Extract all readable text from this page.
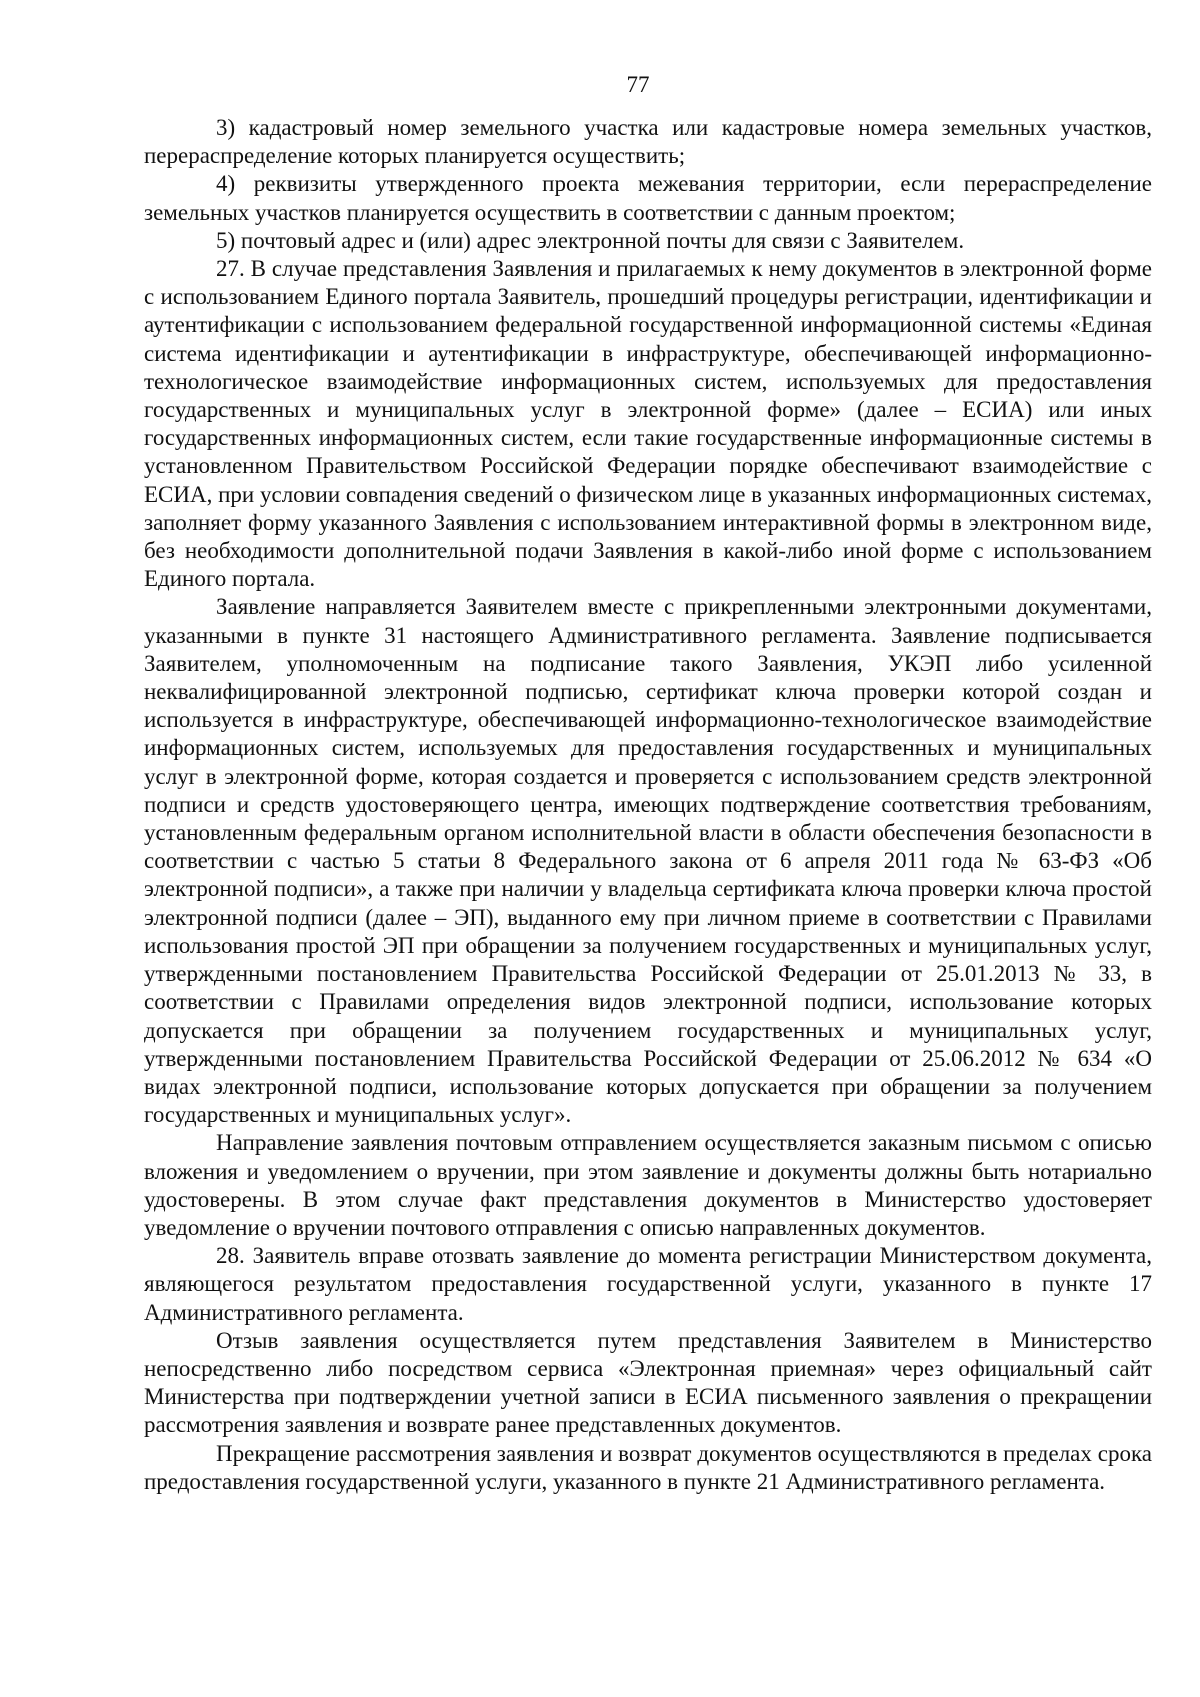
77

3) кадастровый номер земельного участка или кадастровые номера земельных участков, перераспределение которых планируется осуществить;

4) реквизиты утвержденного проекта межевания территории, если перераспределение земельных участков планируется осуществить в соответствии с данным проектом;

5) почтовый адрес и (или) адрес электронной почты для связи с Заявителем.

27. В случае представления Заявления и прилагаемых к нему документов в электронной форме с использованием Единого портала Заявитель, прошедший процедуры регистрации, идентификации и аутентификации с использованием федеральной государственной информационной системы «Единая система идентификации и аутентификации в инфраструктуре, обеспечивающей информационно-технологическое взаимодействие информационных систем, используемых для предоставления государственных и муниципальных услуг в электронной форме» (далее – ЕСИА) или иных государственных информационных систем, если такие государственные информационные системы в установленном Правительством Российской Федерации порядке обеспечивают взаимодействие с ЕСИА, при условии совпадения сведений о физическом лице в указанных информационных системах, заполняет форму указанного Заявления с использованием интерактивной формы в электронном виде, без необходимости дополнительной подачи Заявления в какой-либо иной форме с использованием Единого портала.

Заявление направляется Заявителем вместе с прикрепленными электронными документами, указанными в пункте 31 настоящего Административного регламента. Заявление подписывается Заявителем, уполномоченным на подписание такого Заявления, УКЭП либо усиленной неквалифицированной электронной подписью, сертификат ключа проверки которой создан и используется в инфраструктуре, обеспечивающей информационно-технологическое взаимодействие информационных систем, используемых для предоставления государственных и муниципальных услуг в электронной форме, которая создается и проверяется с использованием средств электронной подписи и средств удостоверяющего центра, имеющих подтверждение соответствия требованиям, установленным федеральным органом исполнительной власти в области обеспечения безопасности в соответствии с частью 5 статьи 8 Федерального закона от 6 апреля 2011 года № 63-ФЗ «Об электронной подписи», а также при наличии у владельца сертификата ключа проверки ключа простой электронной подписи (далее – ЭП), выданного ему при личном приеме в соответствии с Правилами использования простой ЭП при обращении за получением государственных и муниципальных услуг, утвержденными постановлением Правительства Российской Федерации от 25.01.2013 № 33, в соответствии с Правилами определения видов электронной подписи, использование которых допускается при обращении за получением государственных и муниципальных услуг, утвержденными постановлением Правительства Российской Федерации от 25.06.2012 № 634 «О видах электронной подписи, использование которых допускается при обращении за получением государственных и муниципальных услуг».

Направление заявления почтовым отправлением осуществляется заказным письмом с описью вложения и уведомлением о вручении, при этом заявление и документы должны быть нотариально удостоверены. В этом случае факт представления документов в Министерство удостоверяет уведомление о вручении почтового отправления с описью направленных документов.

28. Заявитель вправе отозвать заявление до момента регистрации Министерством документа, являющегося результатом предоставления государственной услуги, указанного в пункте 17 Административного регламента.

Отзыв заявления осуществляется путем представления Заявителем в Министерство непосредственно либо посредством сервиса «Электронная приемная» через официальный сайт Министерства при подтверждении учетной записи в ЕСИА письменного заявления о прекращении рассмотрения заявления и возврате ранее представленных документов.

Прекращение рассмотрения заявления и возврат документов осуществляются в пределах срока предоставления государственной услуги, указанного в пункте 21 Административного регламента.
